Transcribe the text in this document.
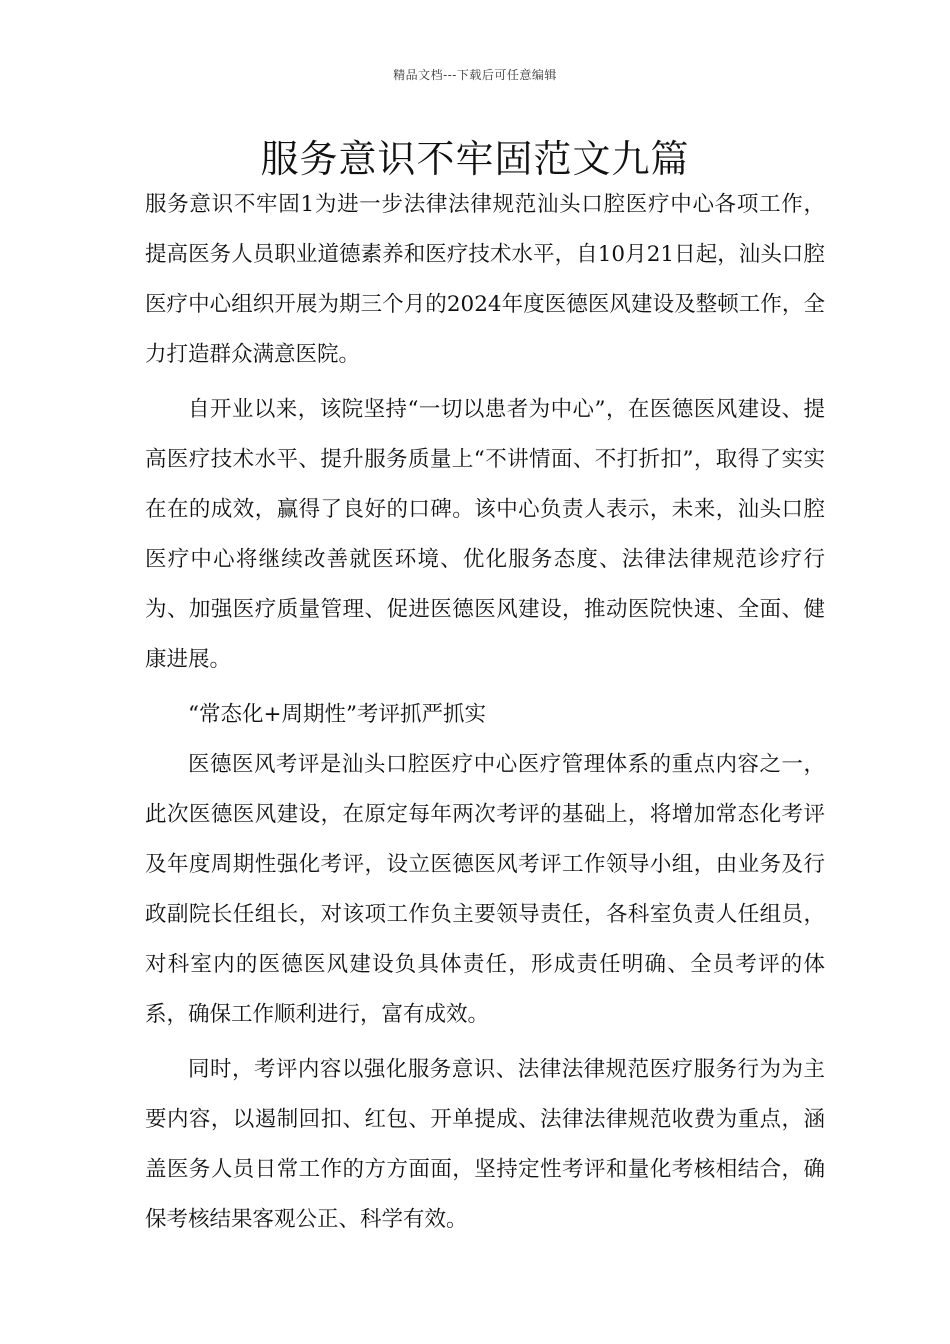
精品文档---下载后可任意编辑
服务意识不牢固范文九篇

服务意识不牢固1为进一步法律法律规范汕头口腔医疗中心各项工作，提高医务人员职业道德素养和医疗技术水平，自10月21日起，汕头口腔医疗中心组织开展为期三个月的2024年度医德医风建设及整顿工作，全力打造群众满意医院。

自开业以来，该院坚持“一切以患者为中心”，在医德医风建设、提高医疗技术水平、提升服务质量上“不讲情面、不打折扣”，取得了实实在在的成效，赢得了良好的口碑。该中心负责人表示，未来，汕头口腔医疗中心将继续改善就医环境、优化服务态度、法律法律规范诊疗行为、加强医疗质量管理、促进医德医风建设，推动医院快速、全面、健康进展。

“常态化+周期性”考评抓严抓实

医德医风考评是汕头口腔医疗中心医疗管理体系的重点内容之一，此次医德医风建设，在原定每年两次考评的基础上，将增加常态化考评及年度周期性强化考评，设立医德医风考评工作领导小组，由业务及行政副院长任组长，对该项工作负主要领导责任，各科室负责人任组员，对科室内的医德医风建设负具体责任，形成责任明确、全员考评的体系，确保工作顺利进行，富有成效。

同时，考评内容以强化服务意识、法律法律规范医疗服务行为为主要内容，以遏制回扣、红包、开单提成、法律法律规范收费为重点，涵盖医务人员日常工作的方方面面，坚持定性考评和量化考核相结合，确保考核结果客观公正、科学有效。
